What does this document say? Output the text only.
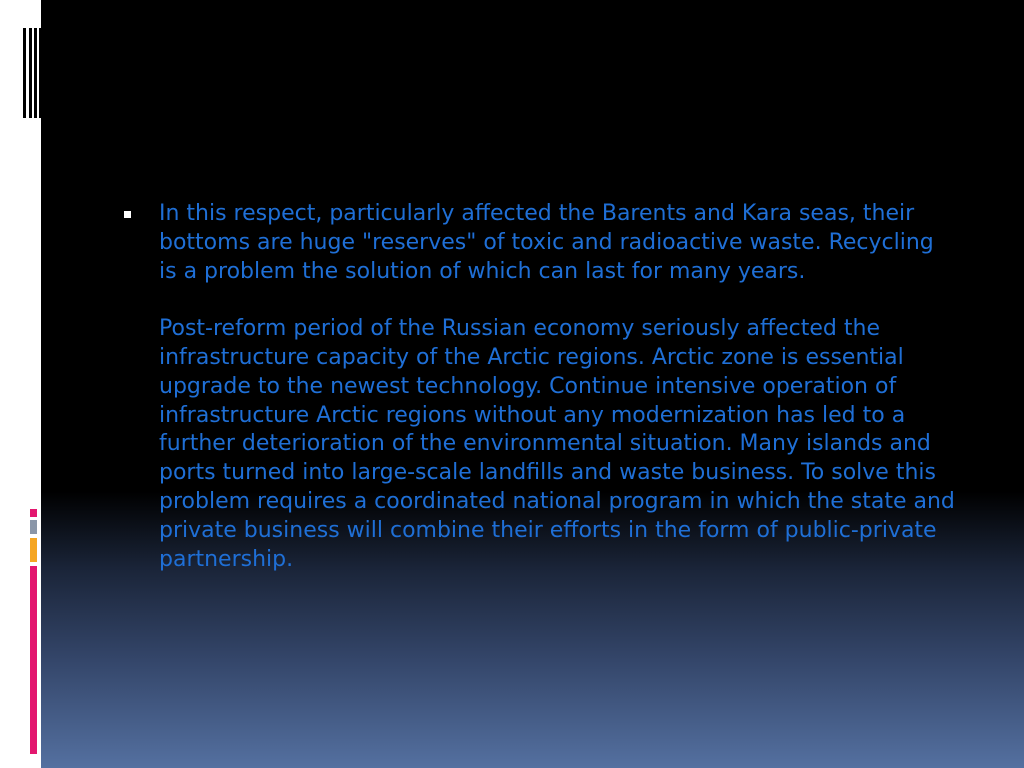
In this respect, particularly affected the Barents and Kara seas, their bottoms are huge "reserves" of toxic and radioactive waste. Recycling is a problem the solution of which can last for many years.

Post-reform period of the Russian economy seriously affected the infrastructure capacity of the Arctic regions. Arctic zone is essential upgrade to the newest technology. Continue intensive operation of infrastructure Arctic regions without any modernization has led to a further deterioration of the environmental situation. Many islands and ports turned into large-scale landfills and waste business. To solve this problem requires a coordinated national program in which the state and private business will combine their efforts in the form of public-private partnership.
